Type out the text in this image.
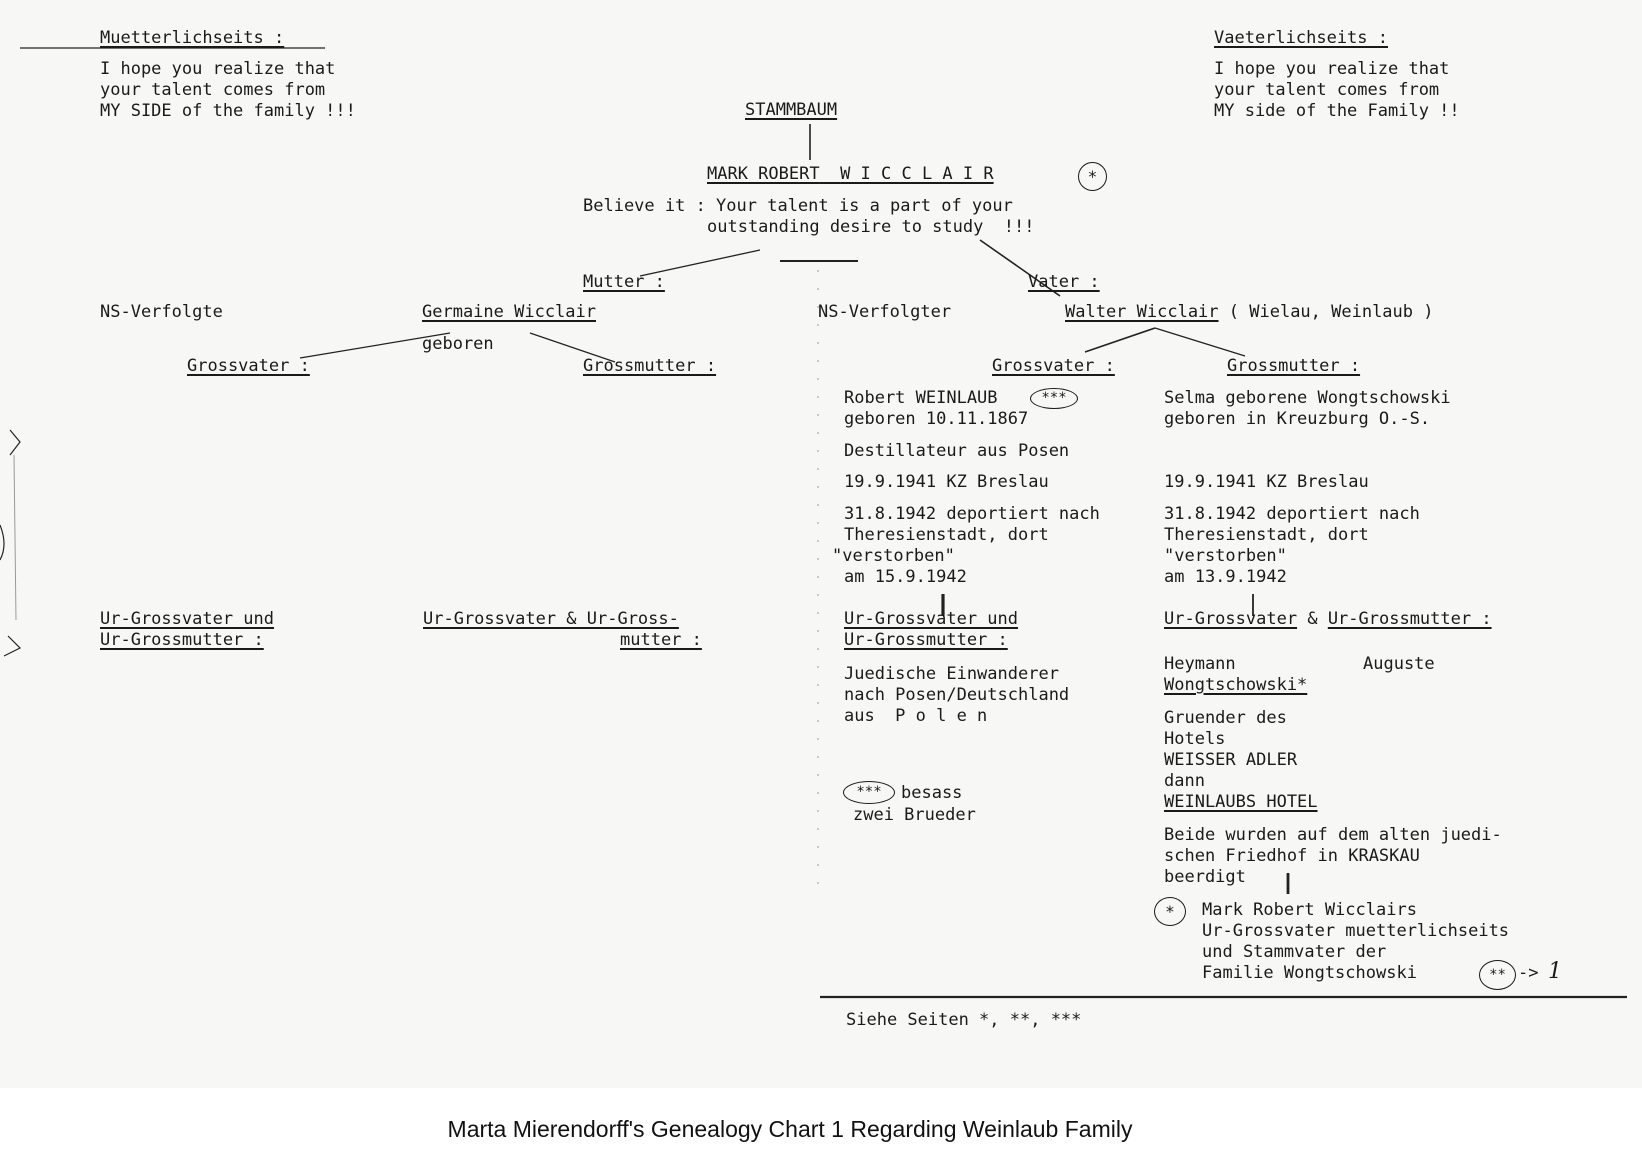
Muetterlichseits :
I hope you realize that
your talent comes from
MY SIDE of the family !!!
Vaeterlichseits :
I hope you realize that
your talent comes from
MY side of the Family !!
STAMMBAUM
MARK ROBERT W I C C L A I R	*
Believe it : Your talent is a part of your
outstanding desire to study  !!!
Mutter :	Vater :
NS-Verfolgte	Germaine Wicclair	NS-Verfolgter	Walter Wicclair ( Wielau, Weinlaub )
geboren
Grossvater :	Grossmutter :	Grossvater :	Grossmutter :
Robert WEINLAUB	***
geboren 10.11.1867
Destillateur aus Posen
19.9.1941 KZ Breslau
31.8.1942 deportiert nach
Theresienstadt, dort
"verstorben"
am 15.9.1942
Selma geborene Wongtschowski
geboren in Kreuzburg O.-S.
19.9.1941 KZ Breslau
31.8.1942 deportiert nach
Theresienstadt, dort
"verstorben"
am 13.9.1942
Ur-Grossvater und
Ur-Grossmutter :
Ur-Grossvater & Ur-Gross-
mutter :
Ur-Grossvater und
Ur-Grossmutter :
Juedische Einwanderer
nach Posen/Deutschland
aus  P o l e n
***	besass
zwei Brueder
Ur-Grossvater & Ur-Grossmutter :
Heymann
Wongtschowski*
Auguste
Gruender des
Hotels
WEISSER ADLER
dann
WEINLAUBS HOTEL
Beide wurden auf dem alten juedi-
schen Friedhof in KRASKAU
beerdigt
*	Mark Robert Wicclairs
Ur-Grossvater muetterlichseits
und Stammvater der
Familie Wongtschowski	** -> 1
Siehe Seiten *, **, ***
Marta Mierendorff's Genealogy Chart 1 Regarding Weinlaub Family
